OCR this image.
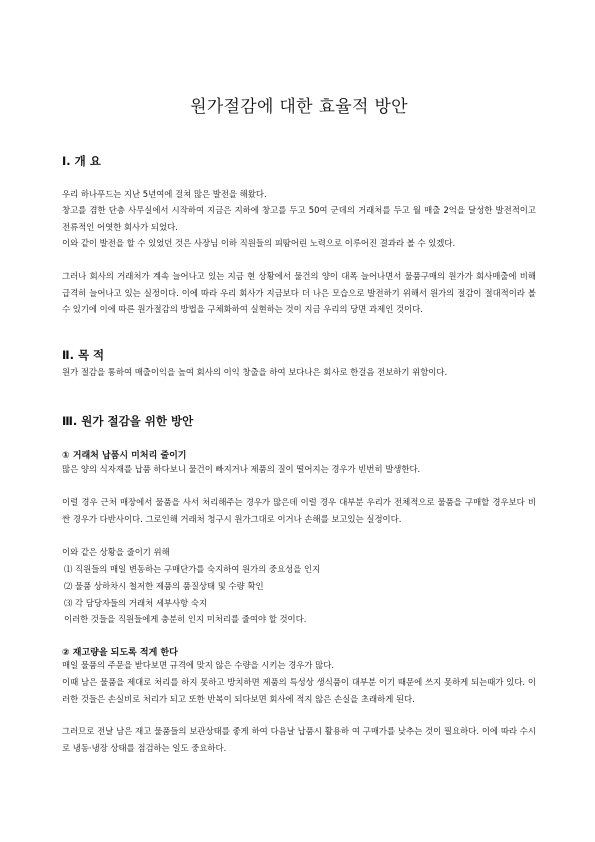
원가절감에 대한 효율적 방안
Ⅰ. 개 요
우리 하나푸드는 지난 5년여에 걸쳐 많은 발전을 해왔다.
창고를 겸한 단층 사무실에서 시작하여 지금은 지하에 창고를 두고 50여 군데의 거래처를 두고 월 매출 2억을 달성한 발전적이고 전류적인 어엿한 회사가 되었다.
이와 같이 발전을 할 수 있었던 것은 사장님 이하 직원들의 피땀어린 노력으로 이루어진 결과라 볼 수 있겠다.
그러나 회사의 거래처가 계속 늘어나고 있는 지금 현 상황에서 물건의 양이 대폭 늘어나면서 물품구매의 원가가 회사매출에 비해 급격히 늘어나고 있는 실정이다. 이에 따라 우리 회사가 지금보다 더 나은 모습으로 발전하기 위해서 원가의 절감이 절대적이라 볼 수 있기에 이에 따른 원가절감의 방법을 구체화하여 실현하는 것이 지금 우리의 당면 과제인 것이다.
Ⅱ. 목 적
원가 절감을 통하여 매출이익을 높여 회사의 이익 창출을 하여 보다나은 회사로 한걸음 전보하기 위함이다.
Ⅲ. 원가 절감을 위한 방안
① 거래처 납품시 미처리 줄이기
많은 양의 식자재를 납품 하다보니 물건이 빠지거나 제품의 질이 떨어지는 경우가 빈번히 발생한다.
이럴 경우 근처 매장에서 물품을 사서 처리해주는 경우가 많은데 이럴 경우 대부분 우리가 전체적으로 물품을 구매할 경우보다 비싼 경우가 다반사이다. 그로인해 거래처 청구시 원가그대로 이거나 손해를 보고있는 실정이다.
이와 같은 상황을 줄이기 위해
⑴ 직원들의 매일 변동하는 구매단가를 숙지하여 원가의 중요성을 인지
⑵ 물품 상하차시 철저한 제품의 품질상태 및 수량 확인
⑶ 각 담당자들의 거래처 세부사항 숙지
이러한 것들을 직원들에게 충분히 인지 미처리를 줄여야 할 것이다.
② 재고량을 되도록 적게 한다
매일 물품의 주문을 받다보면 규격에 맞지 않은 수량을 시키는 경우가 많다.
이때 남은 물품을 제대로 처리를 하지 못하고 방치하면 제품의 특성상 생식품이 대부분 이기 때문에 쓰지 못하게 되는때가 있다. 이러한 것들은 손실비로 처리가 되고 또한 반복이 되다보면 회사에 적지 않은 손실을 초래하게 된다.
그러므로 전날 남은 재고 물품들의 보관상태를 좋게 하여 다음날 납품시 활용하 여 구매가를 낮추는 것이 필요하다. 이에 따라 수시로 냉동·냉장 상태를 점검하는 일도 중요하다.
